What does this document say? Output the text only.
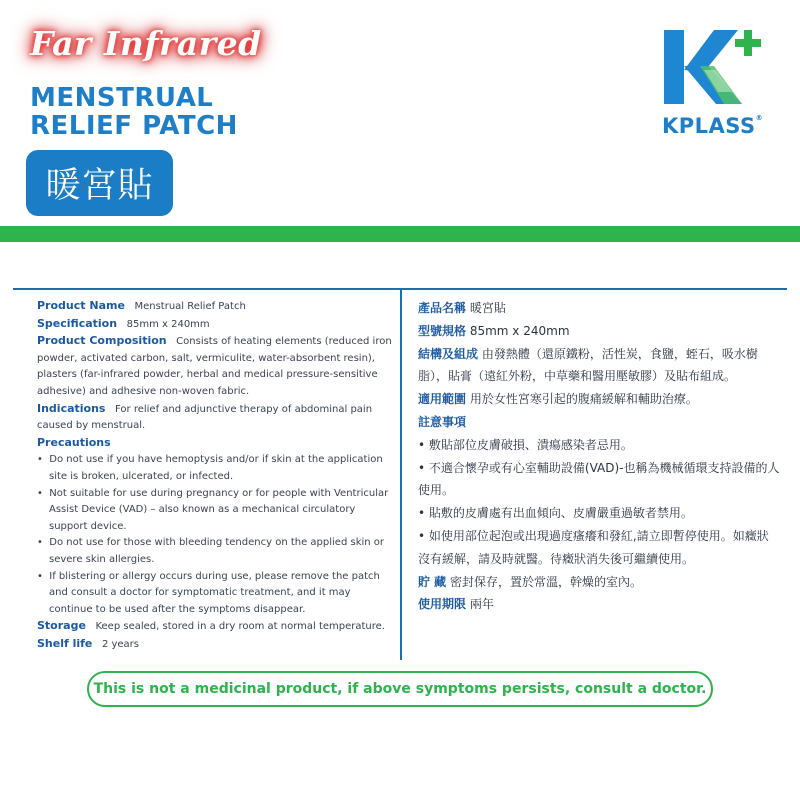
Far Infrared
MENSTRUAL
RELIEF PATCH
暖宮貼
KPLASS®

Product Name Menstrual Relief Patch

Specification 85mm x 240mm

Product Composition Consists of heating elements (reduced iron

powder, activated carbon, salt, vermiculite, water-absorbent resin),

plasters (far-infrared powder, herbal and medical pressure-sensitive

adhesive) and adhesive non-woven fabric.

Indications For relief and adjunctive therapy of abdominal pain

caused by menstrual.

Precautions

•  Do not use if you have hemoptysis and/or if skin at the application site is broken, ulcerated, or infected.

•  Not suitable for use during pregnancy or for people with Ventricular Assist Device (VAD) – also known as a mechanical circulatory support device.

•  Do not use for those with bleeding tendency on the applied skin or severe skin allergies.

•  If blistering or allergy occurs during use, please remove the patch and consult a doctor for symptomatic treatment, and it may continue to be used after the symptoms disappear.

Storage Keep sealed, stored in a dry room at normal temperature.

Shelf life 2 years

產品名稱 暖宮貼

型號規格 85mm x 240mm

結構及組成 由發熱體（還原鐵粉，活性炭，食鹽，蛭石，吸水樹脂），貼膏（遠紅外粉，中草藥和醫用壓敏膠）及貼布組成。

適用範圍 用於女性宮寒引起的腹痛緩解和輔助治療。

註意事項

• 敷貼部位皮膚破損、潰瘍感染者忌用。

• 不適合懷孕或有心室輔助設備(VAD)-也稱為機械循環支持設備的人使用。

• 貼敷的皮膚處有出血傾向、皮膚嚴重過敏者禁用。

• 如使用部位起泡或出現過度瘙癢和發紅,請立即暫停使用。如癥狀沒有緩解，請及時就醫。待癥狀消失後可繼續使用。

貯 藏 密封保存，置於常溫，幹燥的室內。

使用期限 兩年

This is not a medicinal product, if above symptoms persists, consult a doctor.
